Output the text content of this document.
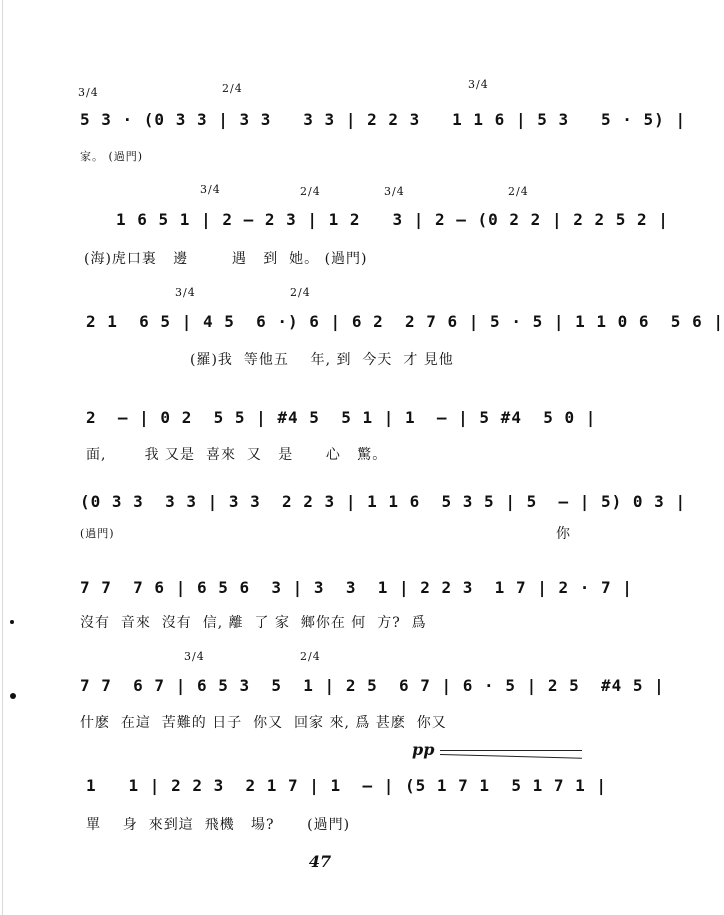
3/4	2/4	3/4
5 3 · (0 3 3 | 3 3   3 3 | 2 2 3   1 1 6 | 5 3   5 · 5) |
家。 (過門)
3/4	2/4	3/4	2/4
1 6 5 1 | 2 — 2 3 | 1 2   3 | 2 — (0 2 2 | 2 2 5 2 |
(海)虎口裏   邊        遇   到  她。 (過門)
3/4	2/4
2 1  6 5 | 4 5  6 ·) 6 | 6 2  2 7 6 | 5 · 5 | 1 1 0 6  5 6 |
(羅)我  等他五    年, 到  今天  才 見他
2  — | 0 2  5 5 | #4 5  5 1 | 1  — | 5 #4  5 0 |
面,       我 又是  喜來  又   是      心   驚。
(0 3 3  3 3 | 3 3  2 2 3 | 1 1 6  5 3 5 | 5  — | 5) 0 3 |
(過門)	你
7 7  7 6 | 6 5 6  3 | 3  3  1 | 2 2 3  1 7 | 2 · 7 |
沒有  音來  沒有  信, 離  了 家  鄉你在 何  方?  爲
3/4	2/4
7 7  6 7 | 6 5 3  5  1 | 2 5  6 7 | 6 · 5 | 2 5  #4 5 |
什麽  在這  苦難的 日子  你又  回家 來, 爲 甚麽  你又
pp
1   1 | 2 2 3  2 1 7 | 1  — | (5 1 7 1  5 1 7 1 |
單    身  來到這  飛機   場?      (過門)
47
